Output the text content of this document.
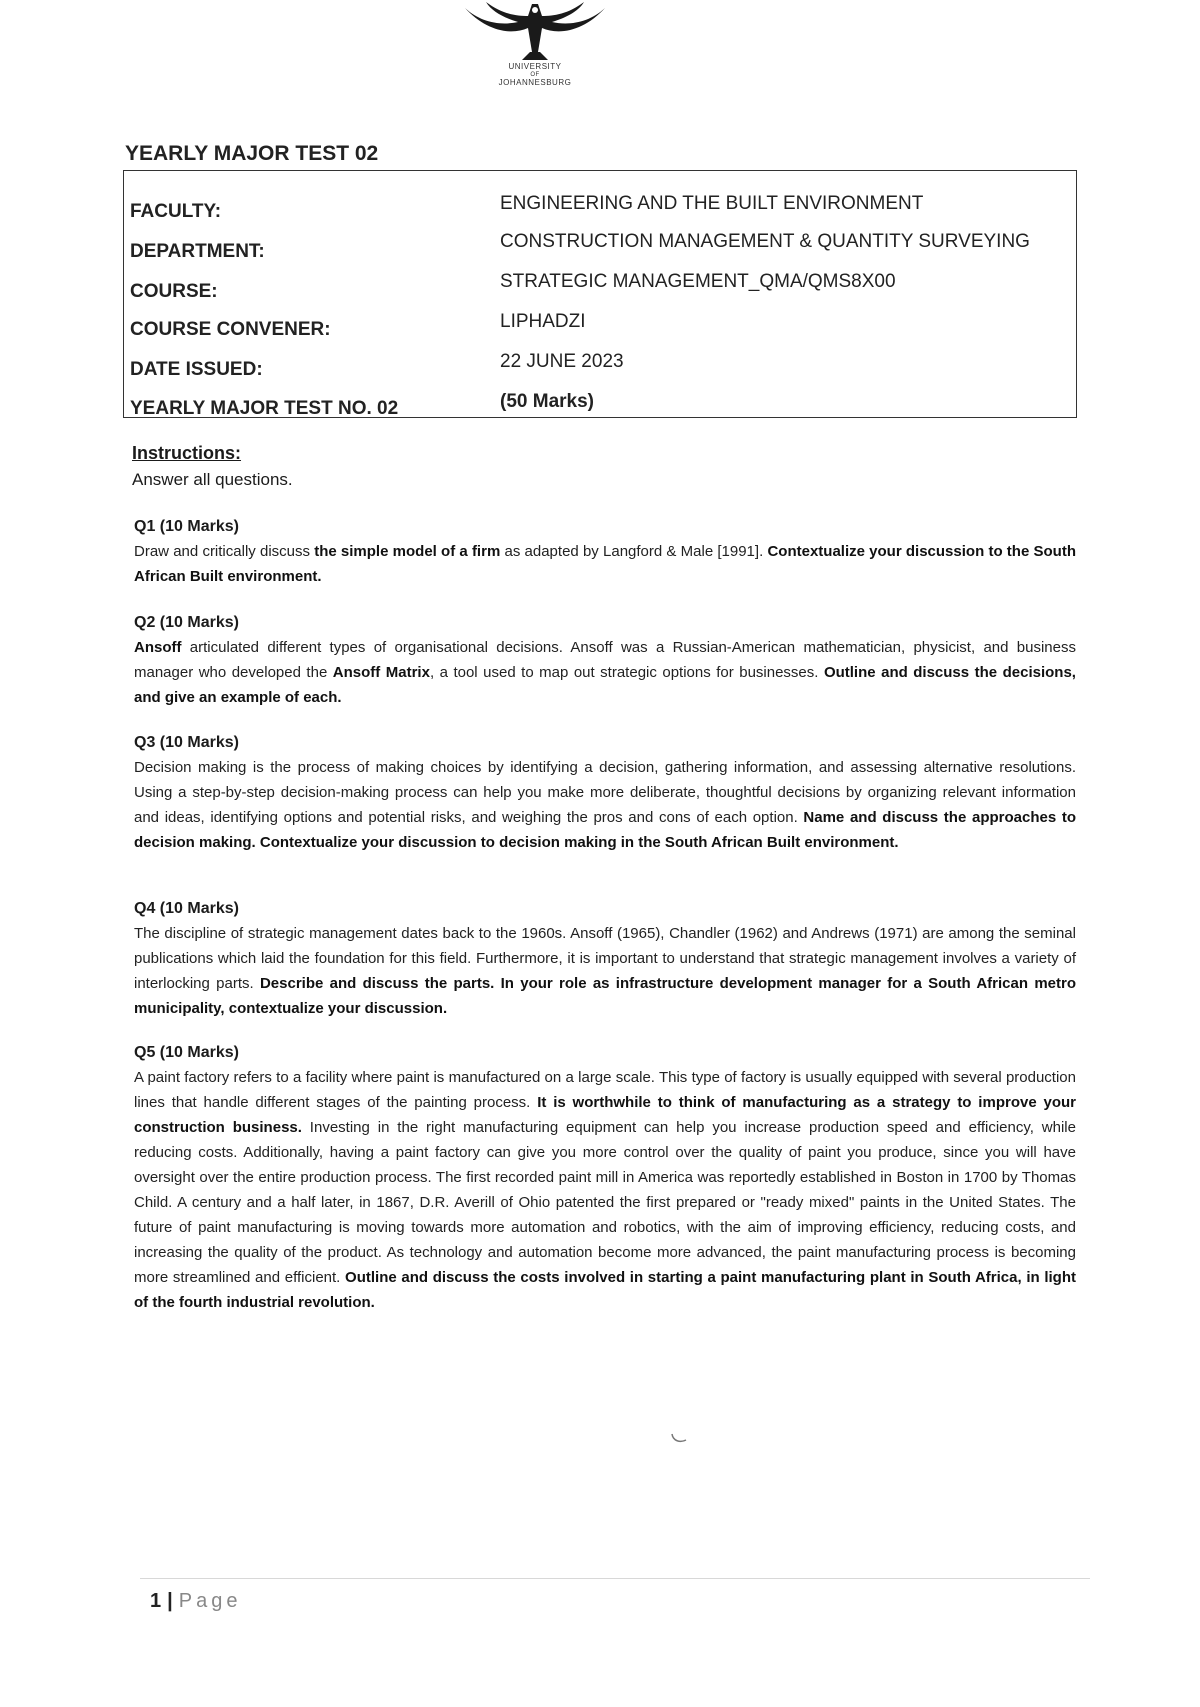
UNIVERSITY
OF
JOHANNESBURG
YEARLY MAJOR TEST 02
FACULTY:	ENGINEERING AND THE BUILT ENVIRONMENT
DEPARTMENT:	CONSTRUCTION MANAGEMENT & QUANTITY SURVEYING
COURSE:	STRATEGIC MANAGEMENT_QMA/QMS8X00
COURSE CONVENER:	LIPHADZI
DATE ISSUED:	22 JUNE 2023
YEARLY MAJOR TEST NO. 02	(50 Marks)

Instructions:

Answer all questions.

Q1 (10 Marks)

Draw and critically discuss the simple model of a firm as adapted by Langford & Male [1991]. Contextualize your discussion to the South African Built environment.

Q2 (10 Marks)

Ansoff articulated different types of organisational decisions. Ansoff was a Russian-American mathematician, physicist, and business manager who developed the Ansoff Matrix, a tool used to map out strategic options for businesses. Outline and discuss the decisions, and give an example of each.

Q3 (10 Marks)

Decision making is the process of making choices by identifying a decision, gathering information, and assessing alternative resolutions. Using a step-by-step decision-making process can help you make more deliberate, thoughtful decisions by organizing relevant information and ideas, identifying options and potential risks, and weighing the pros and cons of each option. Name and discuss the approaches to decision making. Contextualize your discussion to decision making in the South African Built environment.

Q4 (10 Marks)

The discipline of strategic management dates back to the 1960s. Ansoff (1965), Chandler (1962) and Andrews (1971) are among the seminal publications which laid the foundation for this field. Furthermore, it is important to understand that strategic management involves a variety of interlocking parts. Describe and discuss the parts. In your role as infrastructure development manager for a South African metro municipality, contextualize your discussion.

Q5 (10 Marks)

A paint factory refers to a facility where paint is manufactured on a large scale. This type of factory is usually equipped with several production lines that handle different stages of the painting process. It is worthwhile to think of manufacturing as a strategy to improve your construction business. Investing in the right manufacturing equipment can help you increase production speed and efficiency, while reducing costs. Additionally, having a paint factory can give you more control over the quality of paint you produce, since you will have oversight over the entire production process. The first recorded paint mill in America was reportedly established in Boston in 1700 by Thomas Child. A century and a half later, in 1867, D.R. Averill of Ohio patented the first prepared or "ready mixed" paints in the United States. The future of paint manufacturing is moving towards more automation and robotics, with the aim of improving efficiency, reducing costs, and increasing the quality of the product. As technology and automation become more advanced, the paint manufacturing process is becoming more streamlined and efficient. Outline and discuss the costs involved in starting a paint manufacturing plant in South Africa, in light of the fourth industrial revolution.

1 | Page
